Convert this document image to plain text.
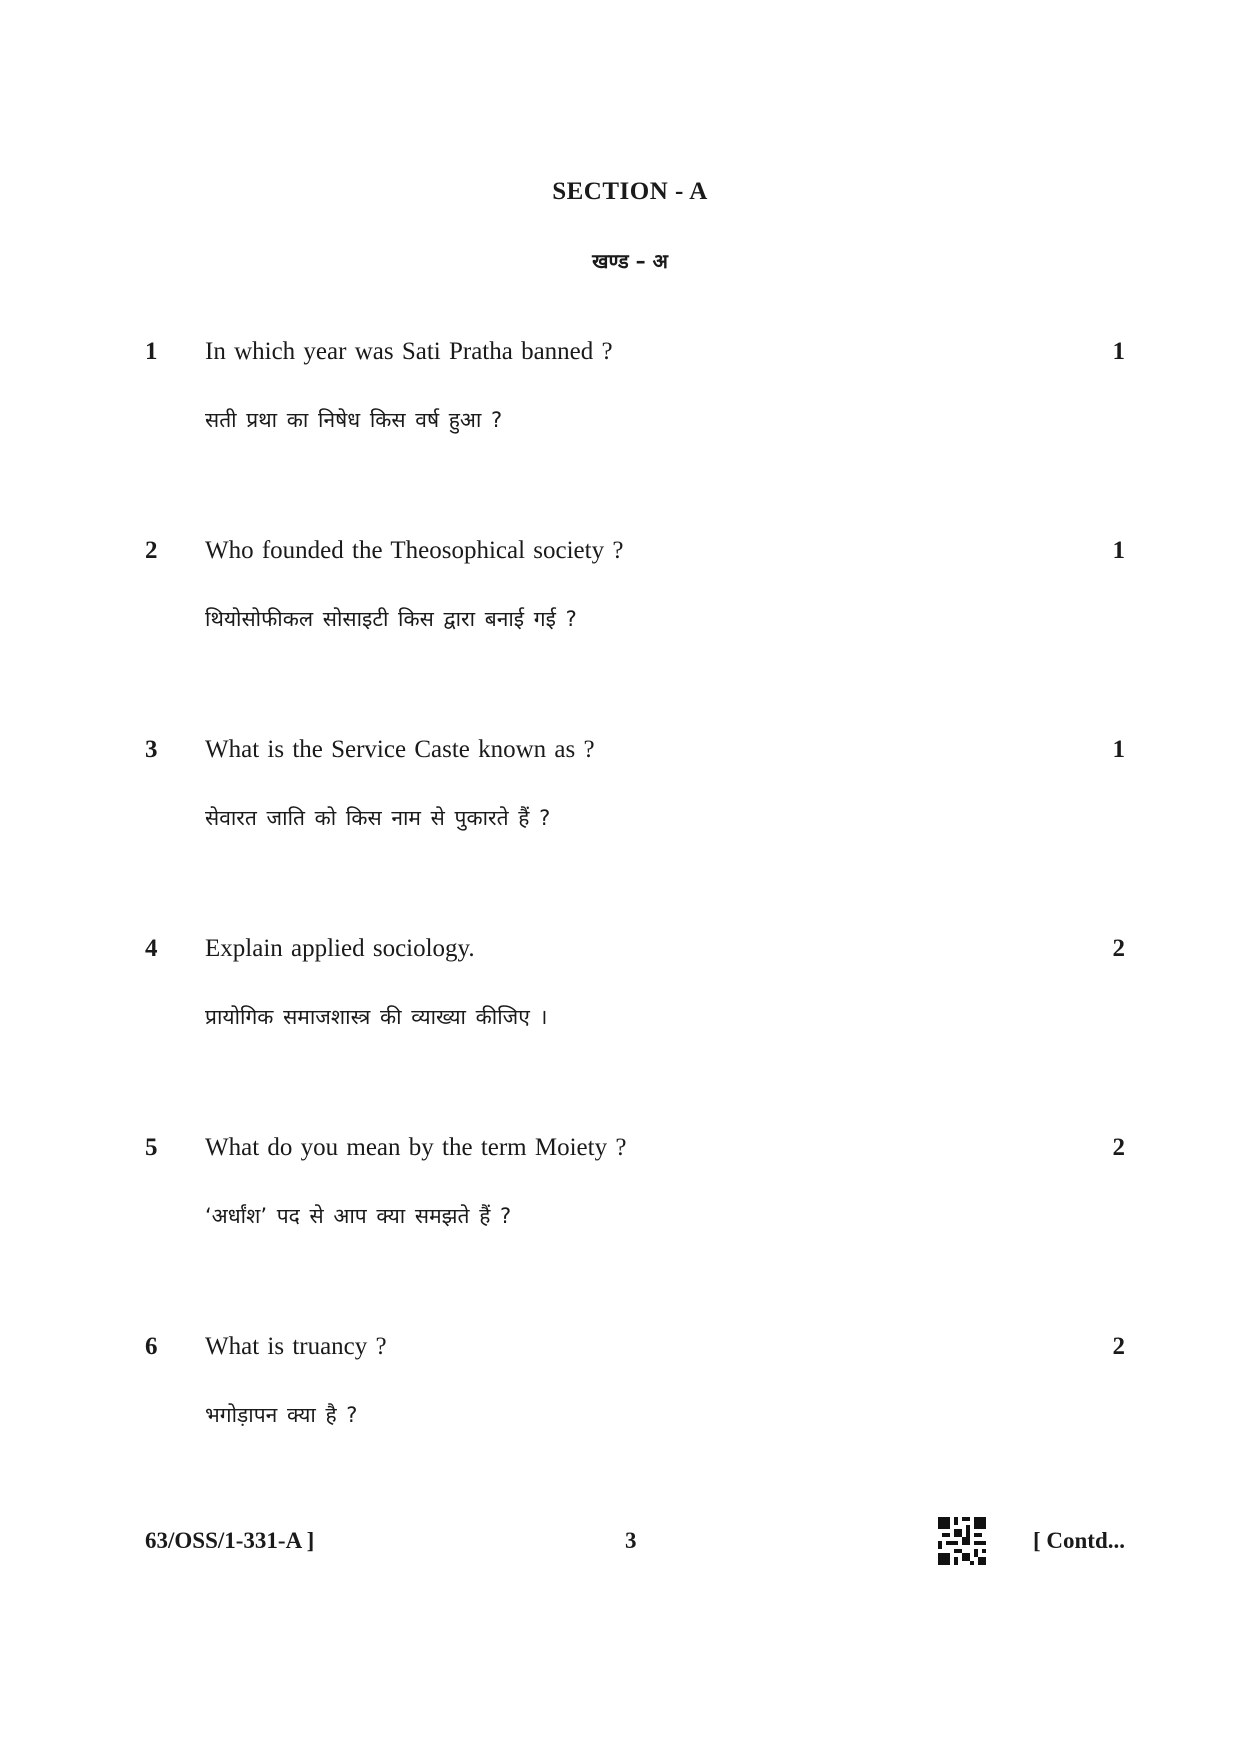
SECTION - A
खण्ड – अ
1 In which year was Sati Pratha banned ?	1
सती प्रथा का निषेध किस वर्ष हुआ ?
2 Who founded the Theosophical society ?	1
थियोसोफीकल सोसाइटी किस द्वारा बनाई गई ?
3 What is the Service Caste known as ?	1
सेवारत जाति को किस नाम से पुकारते हैं ?
4 Explain applied sociology.	2
प्रायोगिक समाजशास्त्र की व्याख्या कीजिए ।
5 What do you mean by the term Moiety ?	2
‘अर्धांश’ पद से आप क्या समझते हैं ?
6 What is truancy ?	2
भगोड़ापन क्या है ?
63/OSS/1-331-A ]	3	[ Contd...
